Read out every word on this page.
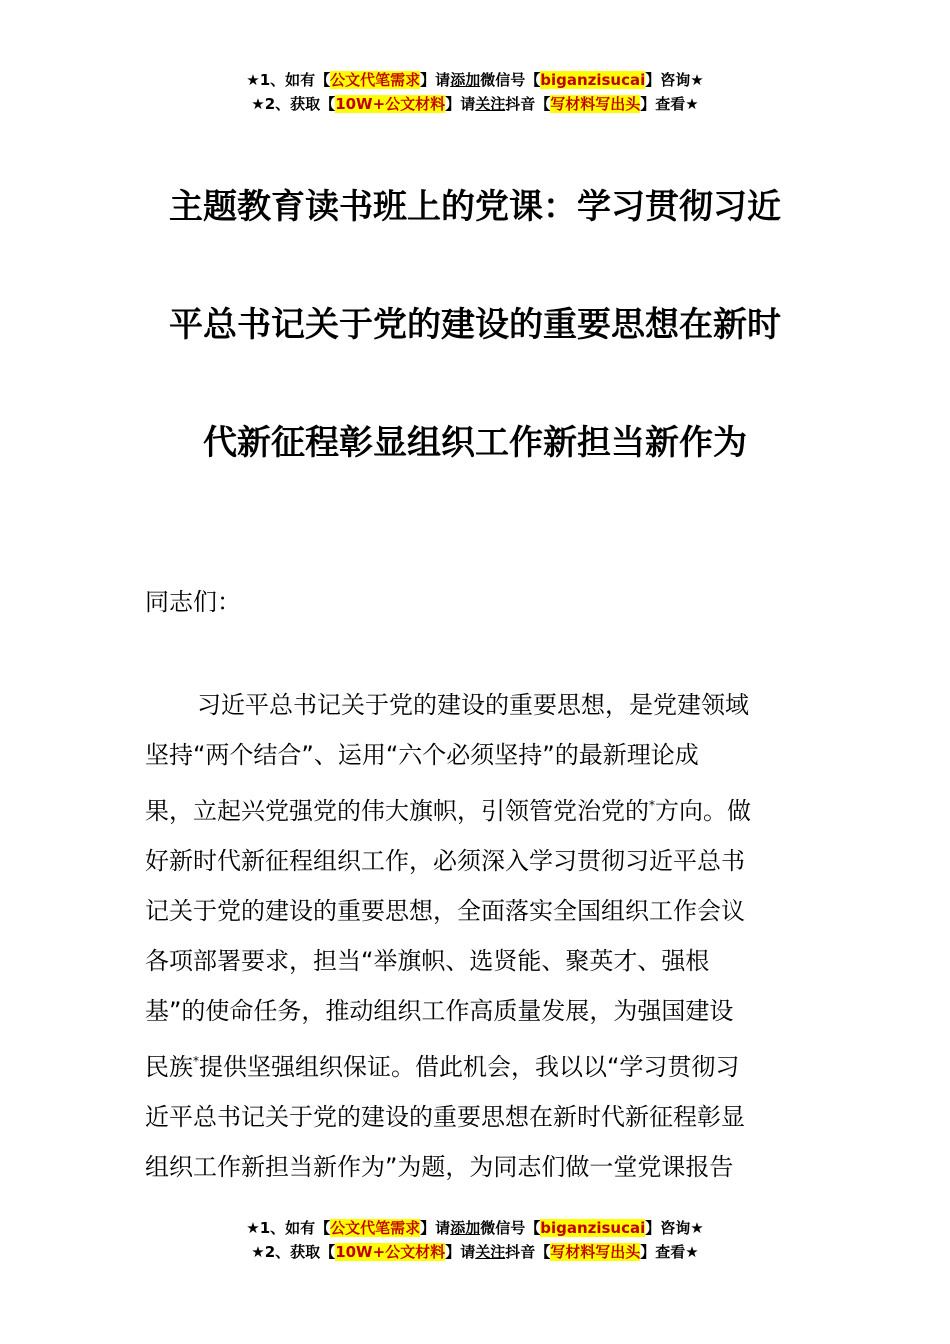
★1、如有【公文代笔需求】请添加微信号【biganzisucai】咨询★
★2、获取【10W+公文材料】请关注抖音【写材料写出头】查看★
主题教育读书班上的党课：学习贯彻习近
平总书记关于党的建设的重要思想在新时
代新征程彰显组织工作新担当新作为

同志们：

习近平总书记关于党的建设的重要思想，是党建领域
坚持“两个结合”、运用“六个必须坚持”的最新理论成
果，立起兴党强党的伟大旗帜，引领管党治党的*方向。做
好新时代新征程组织工作，必须深入学习贯彻习近平总书
记关于党的建设的重要思想，全面落实全国组织工作会议
各项部署要求，担当“举旗帜、选贤能、聚英才、强根
基”的使命任务，推动组织工作高质量发展，为强国建设
民族*提供坚强组织保证。借此机会，我以以“学习贯彻习
近平总书记关于党的建设的重要思想在新时代新征程彰显
组织工作新担当新作为”为题，为同志们做一堂党课报告

★1、如有【公文代笔需求】请添加微信号【biganzisucai】咨询★
★2、获取【10W+公文材料】请关注抖音【写材料写出头】查看★
